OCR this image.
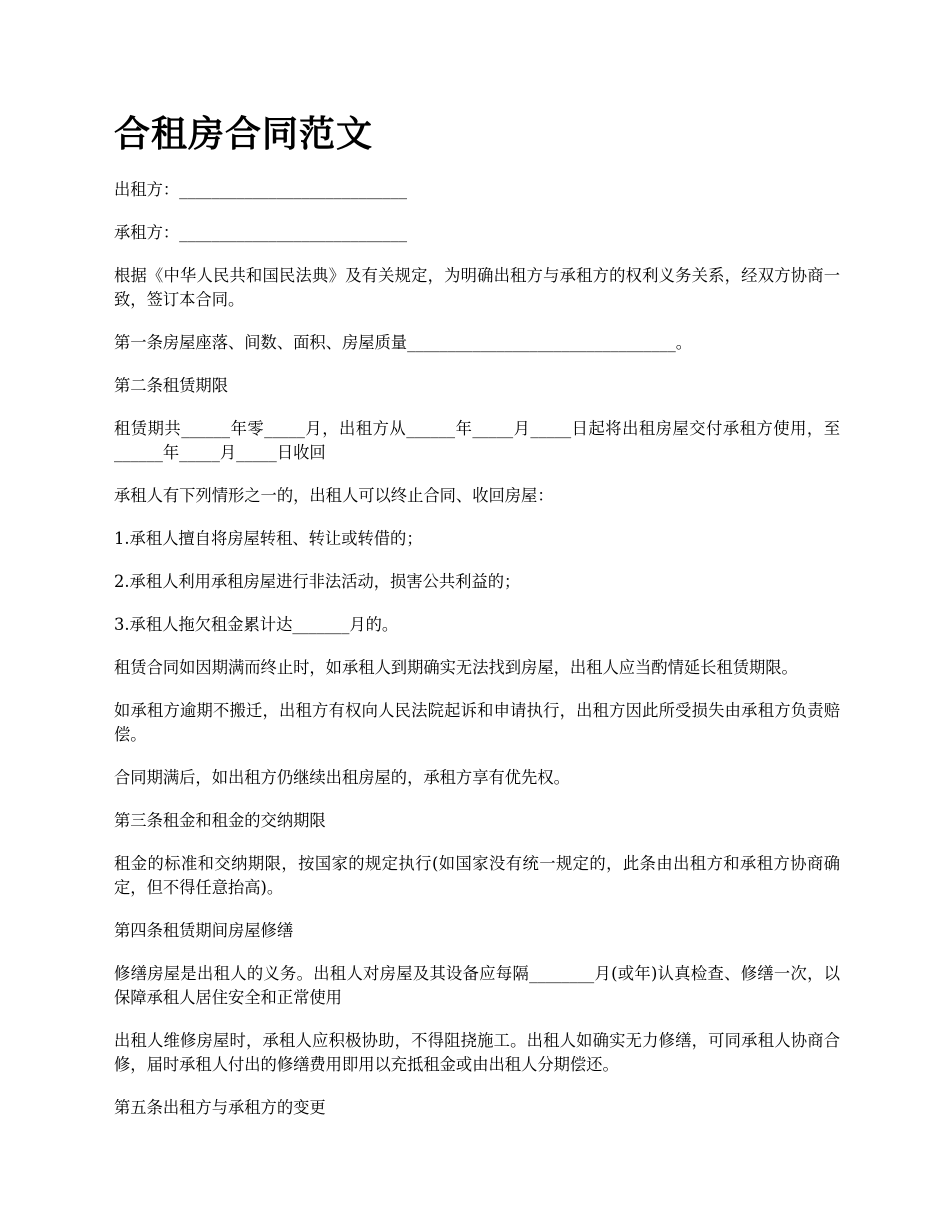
合租房合同范文

出租方：____________________________

承租方：____________________________

根据《中华人民共和国民法典》及有关规定，为明确出租方与承租方的权利义务关系，经双方协商一致，签订本合同。

第一条房屋座落、间数、面积、房屋质量_________________________________。

第二条租赁期限

租赁期共______年零_____月，出租方从______年_____月_____日起将出租房屋交付承租方使用，至______年_____月_____日收回

承租人有下列情形之一的，出租人可以终止合同、收回房屋：

1.承租人擅自将房屋转租、转让或转借的；

2.承租人利用承租房屋进行非法活动，损害公共利益的；

3.承租人拖欠租金累计达_______月的。

租赁合同如因期满而终止时，如承租人到期确实无法找到房屋，出租人应当酌情延长租赁期限。

如承租方逾期不搬迁，出租方有权向人民法院起诉和申请执行，出租方因此所受损失由承租方负责赔偿。

合同期满后，如出租方仍继续出租房屋的，承租方享有优先权。

第三条租金和租金的交纳期限

租金的标准和交纳期限，按国家的规定执行(如国家没有统一规定的，此条由出租方和承租方协商确定，但不得任意抬高)。

第四条租赁期间房屋修缮

修缮房屋是出租人的义务。出租人对房屋及其设备应每隔________月(或年)认真检查、修缮一次，以保障承租人居住安全和正常使用

出租人维修房屋时，承租人应积极协助，不得阻挠施工。出租人如确实无力修缮，可同承租人协商合修，届时承租人付出的修缮费用即用以充抵租金或由出租人分期偿还。

第五条出租方与承租方的变更
